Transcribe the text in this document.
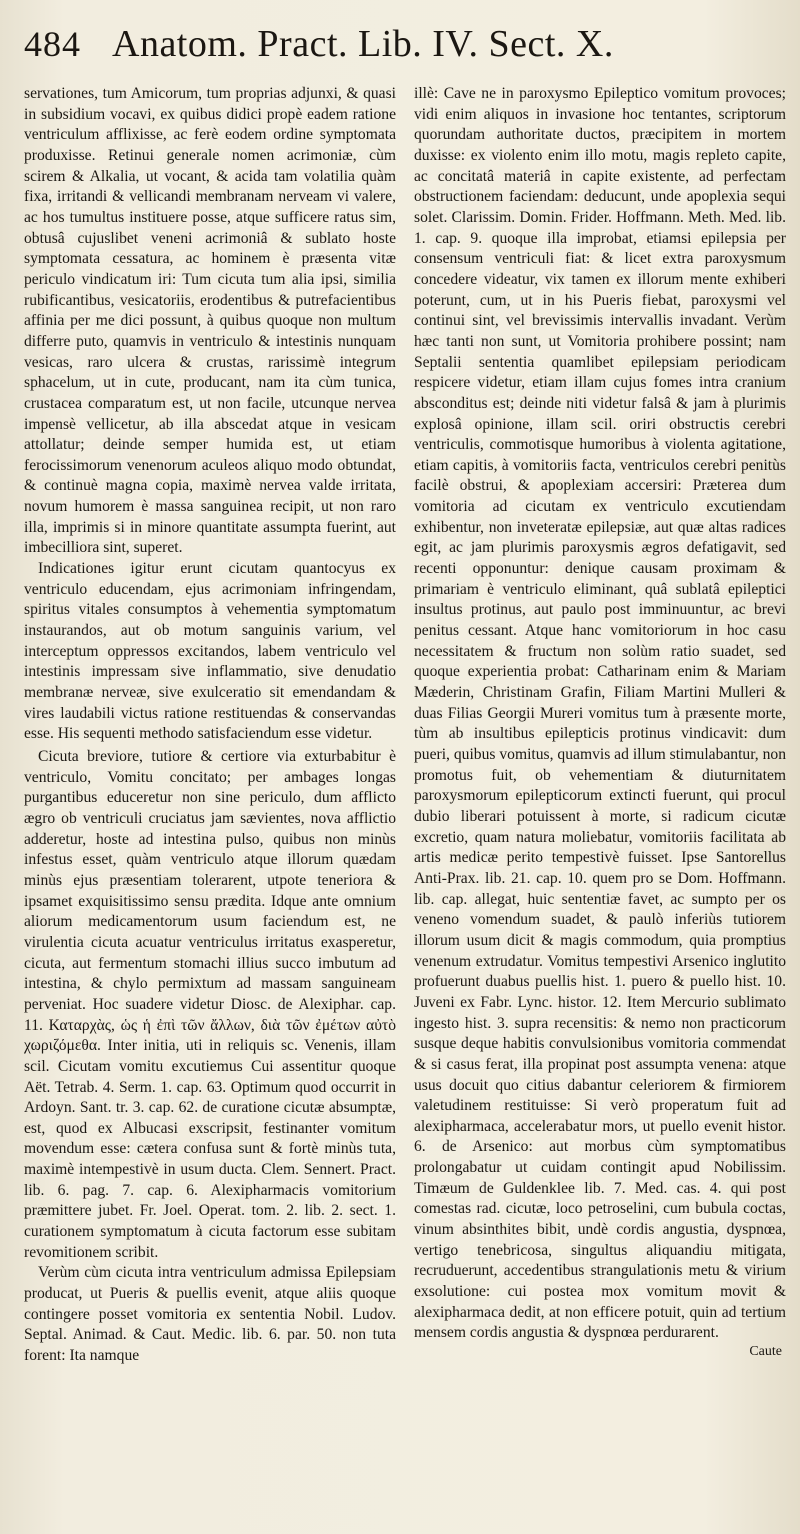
484 Anatom. Pract. Lib. IV. Sect. X.

servationes, tum Amicorum, tum proprias adjunxi, & quasi in subsidium vocavi, ex quibus didici propè eadem ratione ventriculum afflixisse, ac ferè eodem ordine symptomata produxisse. Retinui generale nomen acrimoniæ, cùm scirem & Alkalia, ut vocant, & acida tam volatilia quàm fixa, irritandi & vellicandi membranam nerveam vi valere, ac hos tumultus instituere posse, atque sufficere ratus sim, obtusâ cujuslibet veneni acrimoniâ & sublato hoste symptomata cessatura, ac hominem è præsenta vitæ periculo vindicatum iri: Tum cicuta tum alia ipsi, similia rubificantibus, vesicatoriis, erodentibus & putrefacientibus affinia per me dici possunt, à quibus quoque non multum differre puto, quamvis in ventriculo & intestinis nunquam vesicas, raro ulcera & crustas, rarissimè integrum sphacelum, ut in cute, producant, nam ita cùm tunica, crustacea comparatum est, ut non facile, utcunque nervea impensè vellicetur, ab illa abscedat atque in vesicam attollatur; deinde semper humida est, ut etiam ferocissimorum venenorum aculeos aliquo modo obtundat, & continuè magna copia, maximè nervea valde irritata, novum humorem è massa sanguinea recipit, ut non raro illa, imprimis si in minore quantitate assumpta fuerint, aut imbecilliora sint, superet.

Indicationes igitur erunt cicutam quantocyus ex ventriculo educendam, ejus acrimoniam infringendam, spiritus vitales consumptos à vehementia symptomatum instaurandos, aut ob motum sanguinis varium, vel interceptum oppressos excitandos, labem ventriculo vel intestinis impressam sive inflammatio, sive denudatio membranæ nerveæ, sive exulceratio sit emendandam & vires laudabili victus ratione restituendas & conservandas esse. His sequenti methodo satisfaciendum esse videtur.

Cicuta breviore, tutiore & certiore via exturbabitur è ventriculo, Vomitu concitato; per ambages longas purgantibus educeretur non sine periculo, dum afflicto ægro ob ventriculi cruciatus jam sævientes, nova afflictio adderetur, hoste ad intestina pulso, quibus non minùs infestus esset, quàm ventriculo atque illorum quædam minùs ejus præsentiam tolerarent, utpote teneriora & ipsamet exquisitissimo sensu prædita. Idque ante omnium aliorum medicamentorum usum faciendum est, ne virulentia cicuta acuatur ventriculus irritatus exasperetur, cicuta, aut fermentum stomachi illius succo imbutum ad intestina, & chylo permixtum ad massam sanguineam perveniat. Hoc suadere videtur Diosc. de Alexiphar. cap. 11. Καταρχὰς, ὡς ἡ ἐπὶ τῶν ἄλλων, διὰ τῶν ἐμέτων αὐτὸ χωριζόμεθα. Inter initia, uti in reliquis sc. Venenis, illam scil. Cicutam vomitu excutiemus Cui assentitur quoque Aët. Tetrab. 4. Serm. 1. cap. 63. Optimum quod occurrit in Ardoyn. Sant. tr. 3. cap. 62. de curatione cicutæ absumptæ, est, quod ex Albucasi exscripsit, festinanter vomitum movendum esse: cætera confusa sunt & fortè minùs tuta, maximè intempestivè in usum ducta. Clem. Sennert. Pract. lib. 6. pag. 7. cap. 6. Alexipharmacis vomitorium præmittere jubet. Fr. Joel. Operat. tom. 2. lib. 2. sect. 1. curationem symptomatum à cicuta factorum esse subitam revomitionem scribit.

Verùm cùm cicuta intra ventriculum admissa Epilepsiam producat, ut Pueris & puellis evenit, atque aliis quoque contingere posset vomitoria ex sententia Nobil. Ludov. Septal. Animad. & Caut. Medic. lib. 6. par. 50. non tuta forent: Ita namque

illè: Cave ne in paroxysmo Epileptico vomitum provoces; vidi enim aliquos in invasione hoc tentantes, scriptorum quorundam authoritate ductos, præcipitem in mortem duxisse: ex violento enim illo motu, magis repleto capite, ac concitatâ materiâ in capite existente, ad perfectam obstructionem faciendam: deducunt, unde apoplexia sequi solet. Clarissim. Domin. Frider. Hoffmann. Meth. Med. lib. 1. cap. 9. quoque illa improbat, etiamsi epilepsia per consensum ventriculi fiat: & licet extra paroxysmum concedere videatur, vix tamen ex illorum mente exhiberi poterunt, cum, ut in his Pueris fiebat, paroxysmi vel continui sint, vel brevissimis intervallis invadant. Verùm hæc tanti non sunt, ut Vomitoria prohibere possint; nam Septalii sententia quamlibet epilepsiam periodicam respicere videtur, etiam illam cujus fomes intra cranium absconditus est; deinde niti videtur falsâ & jam à plurimis explosâ opinione, illam scil. oriri obstructis cerebri ventriculis, commotisque humoribus à violenta agitatione, etiam capitis, à vomitoriis facta, ventriculos cerebri penitùs facilè obstrui, & apoplexiam accersiri: Præterea dum vomitoria ad cicutam ex ventriculo excutiendam exhibentur, non inveteratæ epilepsiæ, aut quæ altas radices egit, ac jam plurimis paroxysmis ægros defatigavit, sed recenti opponuntur: denique causam proximam & primariam è ventriculo eliminant, quâ sublatâ epileptici insultus protinus, aut paulo post imminuuntur, ac brevi penitus cessant. Atque hanc vomitoriorum in hoc casu necessitatem & fructum non solùm ratio suadet, sed quoque experientia probat: Catharinam enim & Mariam Mæderin, Christinam Grafin, Filiam Martini Mulleri & duas Filias Georgii Mureri vomitus tum à præsente morte, tùm ab insultibus epilepticis protinus vindicavit: dum pueri, quibus vomitus, quamvis ad illum stimulabantur, non promotus fuit, ob vehementiam & diuturnitatem paroxysmorum epilepticorum extincti fuerunt, qui procul dubio liberari potuissent à morte, si radicum cicutæ excretio, quam natura moliebatur, vomitoriis facilitata ab artis medicæ perito tempestivè fuisset. Ipse Santorellus Anti-Prax. lib. 21. cap. 10. quem pro se Dom. Hoffmann. lib. cap. allegat, huic sententiæ favet, ac sumpto per os veneno vomendum suadet, & paulò inferiùs tutiorem illorum usum dicit & magis commodum, quia promptius venenum extrudatur. Vomitus tempestivi Arsenico inglutito profuerunt duabus puellis hist. 1. puero & puello hist. 10. Juveni ex Fabr. Lync. histor. 12. Item Mercurio sublimato ingesto hist. 3. supra recensitis: & nemo non practicorum susque deque habitis convulsionibus vomitoria commendat & si casus ferat, illa propinat post assumpta venena: atque usus docuit quo citius dabantur celeriorem & firmiorem valetudinem restituisse: Si verò properatum fuit ad alexipharmaca, accelerabatur mors, ut puello evenit histor. 6. de Arsenico: aut morbus cùm symptomatibus prolongabatur ut cuidam contingit apud Nobilissim. Timæum de Guldenklee lib. 7. Med. cas. 4. qui post comestas rad. cicutæ, loco petroselini, cum bubula coctas, vinum absinthites bibit, undè cordis angustia, dyspnœa, vertigo tenebricosa, singultus aliquandiu mitigata, recruduerunt, accedentibus strangulationis metu & virium exsolutione: cui postea mox vomitum movit & alexipharmaca dedit, at non efficere potuit, quin ad tertium mensem cordis angustia & dyspnœa perdurarent.

Caute
